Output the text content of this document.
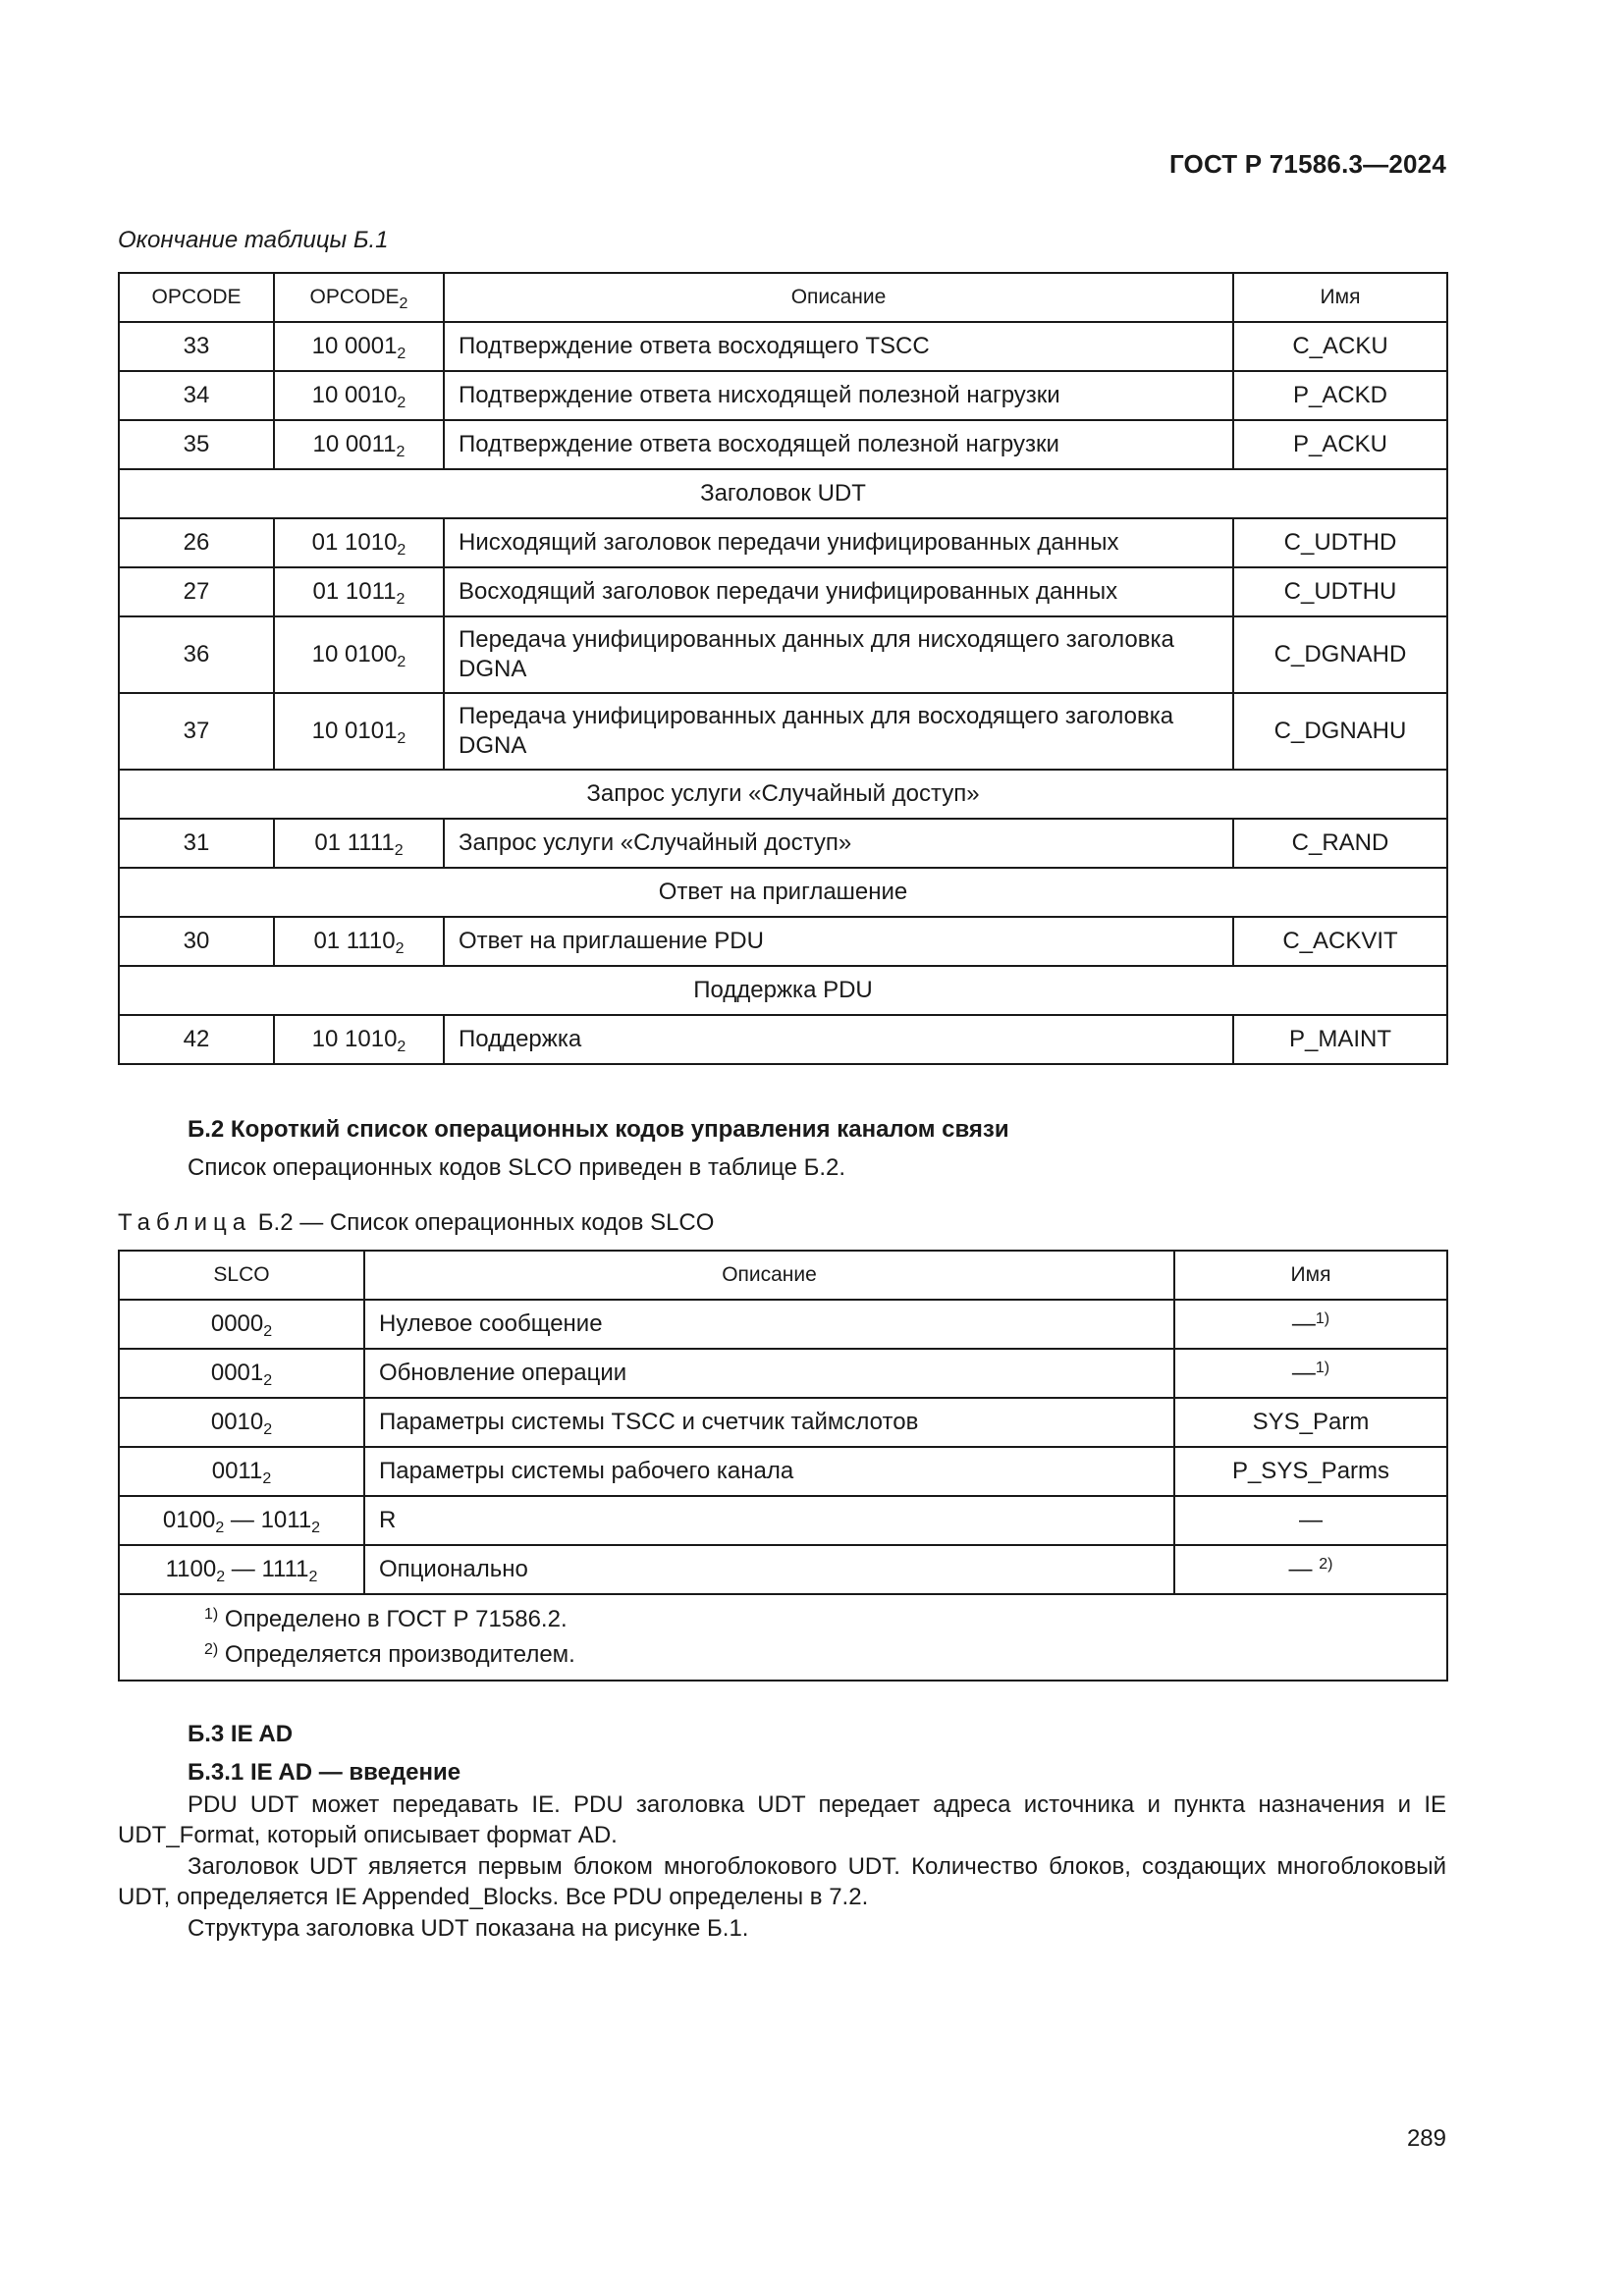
ГОСТ Р 71586.3—2024
Окончание таблицы Б.1
OPCODE	$OPCODE_2$	Описание	Имя
33	10 $0001_2$	Подтверждение ответа восходящего TSCC	C_ACKU
34	10 $0010_2$	Подтверждение ответа нисходящей полезной нагрузки	P_ACKD
35	10 $0011_2$	Подтверждение ответа восходящей полезной нагрузки	P_ACKU
Заголовок UDT			
26	01 $1010_2$	Нисходящий заголовок передачи унифицированных данных	C_UDTHD
27	01 $1011_2$	Восходящий заголовок передачи унифицированных данных	C_UDTHU
36	10 $0100_2$	Передача унифицированных данных для нисходящего заголовка DGNA	C_DGNAHD
37	10 $0101_2$	Передача унифицированных данных для восходящего заголовка DGNA	C_DGNAHU
Запрос услуги «Случайный доступ»			
31	01 $1111_2$	Запрос услуги «Случайный доступ»	C_RAND
Ответ на приглашение			
30	01 $1110_2$	Ответ на приглашение PDU	C_ACKVIT
Поддержка PDU			
42	10 $1010_2$	Поддержка	P_MAINT
Б.2 Короткий список операционных кодов управления каналом связи
Список операционных кодов SLCO приведен в таблице Б.2.
Таблица Б.2 — Список операционных кодов SLCO
SLCO	Описание	Имя
$0000_2$	Нулевое сообщение	—$^{1)}$
$0001_2$	Обновление операции	—$^{1)}$
$0010_2$	Параметры системы TSCC и счетчик таймслотов	SYS_Parm
$0011_2$	Параметры системы рабочего канала	P_SYS_Parms
$0100_2$ — $1011_2$	R	—
$1100_2$ — $1111_2$	Опционально	— $^{2)}$

$^{1)}$ Определено в ГОСТ Р 71586.2.
$^{2)}$ Определяется производителем.		
Б.3 IE AD
Б.3.1 IE AD — введение
PDU UDT может передавать IE. PDU заголовка UDT передает адреса источника и пункта назначения и IE UDT_Format, который описывает формат AD.
Заголовок UDT является первым блоком многоблокового UDT. Количество блоков, создающих многоблоковый UDT, определяется IE Appended_Blocks. Все PDU определены в 7.2.
Структура заголовка UDT показана на рисунке Б.1.
289
